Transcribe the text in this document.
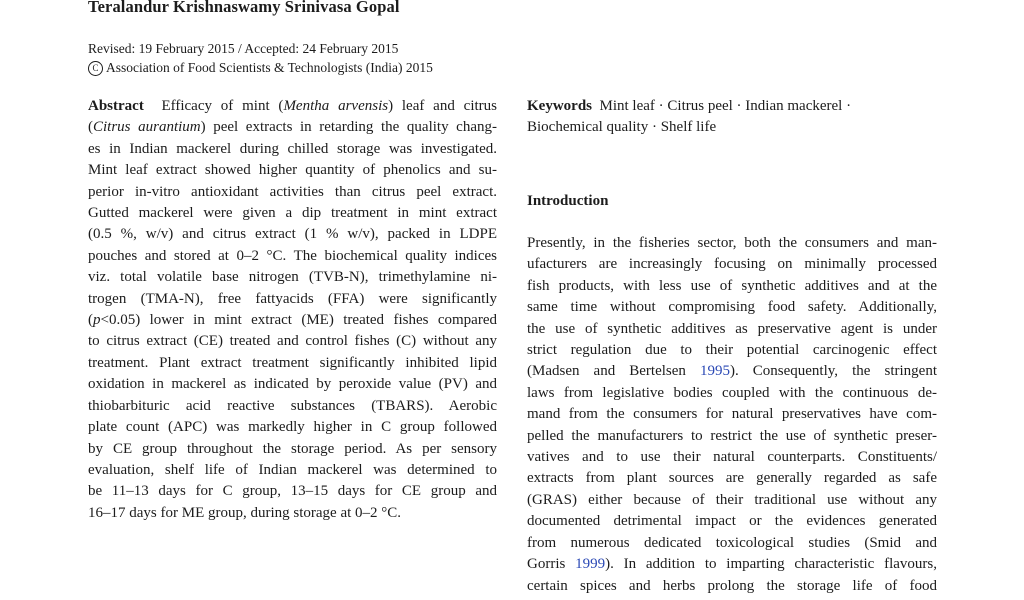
Teralandur Krishnaswamy Srinivasa Gopal
Revised: 19 February 2015 / Accepted: 24 February 2015
C Association of Food Scientists & Technologists (India) 2015
Abstract  Efficacy of mint (Mentha arvensis) leaf and citrus
(Citrus aurantium) peel extracts in retarding the quality chang-
es in Indian mackerel during chilled storage was investigated.
Mint leaf extract showed higher quantity of phenolics and su-
perior in-vitro antioxidant activities than citrus peel extract.
Gutted mackerel were given a dip treatment in mint extract
(0.5 %, w/v) and citrus extract (1 % w/v), packed in LDPE
pouches and stored at 0–2 °C. The biochemical quality indices
viz. total volatile base nitrogen (TVB-N), trimethylamine ni-
trogen (TMA-N), free fattyacids (FFA) were significantly
(p<0.05) lower in mint extract (ME) treated fishes compared
to citrus extract (CE) treated and control fishes (C) without any
treatment. Plant extract treatment significantly inhibited lipid
oxidation in mackerel as indicated by peroxide value (PV) and
thiobarbituric acid reactive substances (TBARS). Aerobic
plate count (APC) was markedly higher in C group followed
by CE group throughout the storage period. As per sensory
evaluation, shelf life of Indian mackerel was determined to
be 11–13 days for C group, 13–15 days for CE group and
16–17 days for ME group, during storage at 0–2 °C.
Keywords Mint leaf · Citrus peel · Indian mackerel ·
Biochemical quality · Shelf life
Introduction
Presently, in the fisheries sector, both the consumers and man-
ufacturers are increasingly focusing on minimally processed
fish products, with less use of synthetic additives and at the
same time without compromising food safety. Additionally,
the use of synthetic additives as preservative agent is under
strict regulation due to their potential carcinogenic effect
(Madsen and Bertelsen 1995). Consequently, the stringent
laws from legislative bodies coupled with the continuous de-
mand from the consumers for natural preservatives have com-
pelled the manufacturers to restrict the use of synthetic preser-
vatives and to use their natural counterparts. Constituents/
extracts from plant sources are generally regarded as safe
(GRAS) either because of their traditional use without any
documented detrimental impact or the evidences generated
from numerous dedicated toxicological studies (Smid and
Gorris 1999). In addition to imparting characteristic flavours,
certain spices and herbs prolong the storage life of food
